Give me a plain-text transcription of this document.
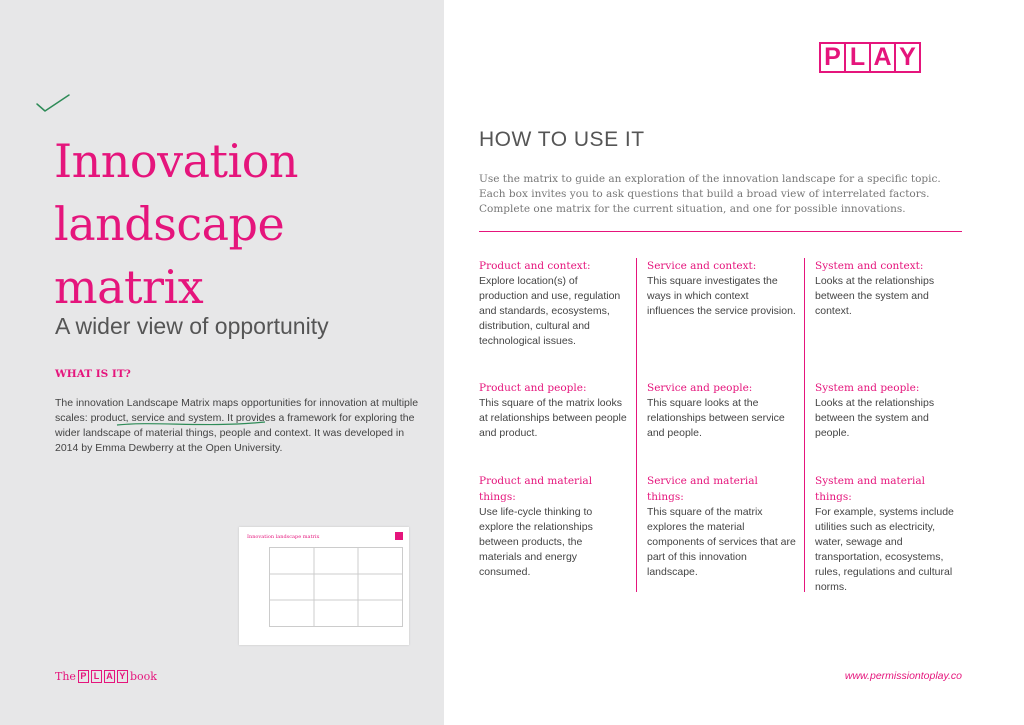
Innovation
landscape
matrix
A wider view of opportunity
WHAT IS IT?

The innovation Landscape Matrix maps opportunities for innovation at multiple scales: product, service and system. It provides a framework for exploring the wider landscape of material things, people and context. It was developed in 2014 by Emma Dewberry at the Open University.

Innovation landscape matrix
The P L A Y book
P L A Y
HOW TO USE IT

Use the matrix to guide an exploration of the innovation landscape for a specific topic. Each box invites you to ask questions that build a broad view of interrelated factors. Complete one matrix for the current situation, and one for possible innovations.

Product and context:
Explore location(s) of production and use, regulation and standards, ecosystems, distribution, cultural and technological issues.
Service and context:
This square investigates the ways in which context influences the service provision.
System and context:
Looks at the relationships between the system and context.
Product and people:
This square of the matrix looks at relationships between people and product.
Service and people:
This square looks at the relationships between service and people.
System and people:
Looks at the relationships between the system and people.
Product and material things:
Use life-cycle thinking to explore the relationships between products, the materials and energy consumed.
Service and material things:
This square of the matrix explores the material components of services that are part of this innovation landscape.
System and material things:
For example, systems include utilities such as electricity, water, sewage and transportation, ecosystems, rules, regulations and cultural norms.
www.permissiontoplay.co
